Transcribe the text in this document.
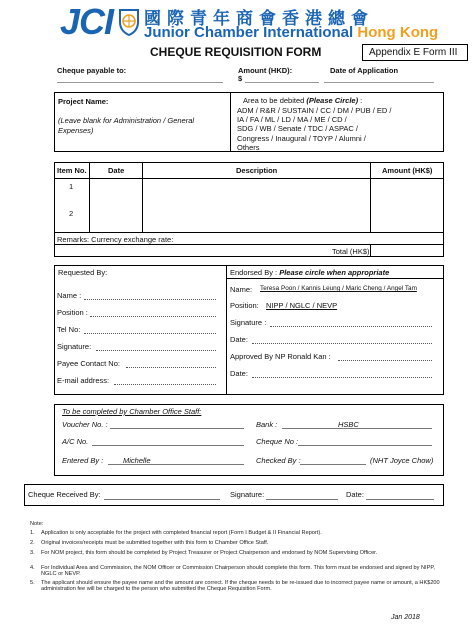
JCI 國際青年商會香港總會
Junior Chamber International Hong Kong
CHEQUE REQUISITION FORM	Appendix E Form III
Cheque payable to:	Amount (HKD):
$
Date of Application
Project Name:
(Leave blank for Administration / General Expenses)
Area to be debited (Please Circle) :
ADM / R&R / SUSTAIN / CC / DM / PUB / ED /
IA / FA / ML / LD / MA / ME / CD /
SDG / WB / Senate / TDC / ASPAC /
Congress / Inaugural / TOYP / Alumni /
Others
Item No.	Date	Description	Amount (HK$)
1
2
Remarks: Currency exchange rate:
Total (HK$)
Requested By:
Name :
Position :
Tel No:
Signature:
Payee Contact No:
E-mail address:
Endorsed By : Please circle when appropriate
Name: Teresa Poon / Kannis Leung / Maric Cheng / Angel Tam
Position: NIPP / NGLC / NEVP
Signature :
Date:
Approved By NP Ronald Kan :
Date:
To be completed by Chamber Office Staff:
Voucher No. :	Bank :	HSBC
A/C No.	Cheque No :
Entered By :	Michelle	Checked By :	(NHT Joyce Chow)
Cheque Received By:	Signature:	Date:
Note:
1. Application is only acceptable for the project with completed financial report (Form I Budget & II Financial Report).
2. Original invoices/receipts must be submitted together with this form to Chamber Office Staff.
3. For NOM project, this form should be completed by Project Treasurer or Project Chairperson and endorsed by NOM Supervising Officer.
4. For Individual Area and Commission, the NOM Officer or Commission Chairperson should complete this form. This form must be endorsed and signed by NIPP, NGLC or NEVP.
5. The applicant should ensure the payee name and the amount are correct. If the cheque needs to be re-issued due to incorrect payee name or amount, a HK$200 administration fee will be charged to the person who submitted the Cheque Requisition Form.
Jan 2018
